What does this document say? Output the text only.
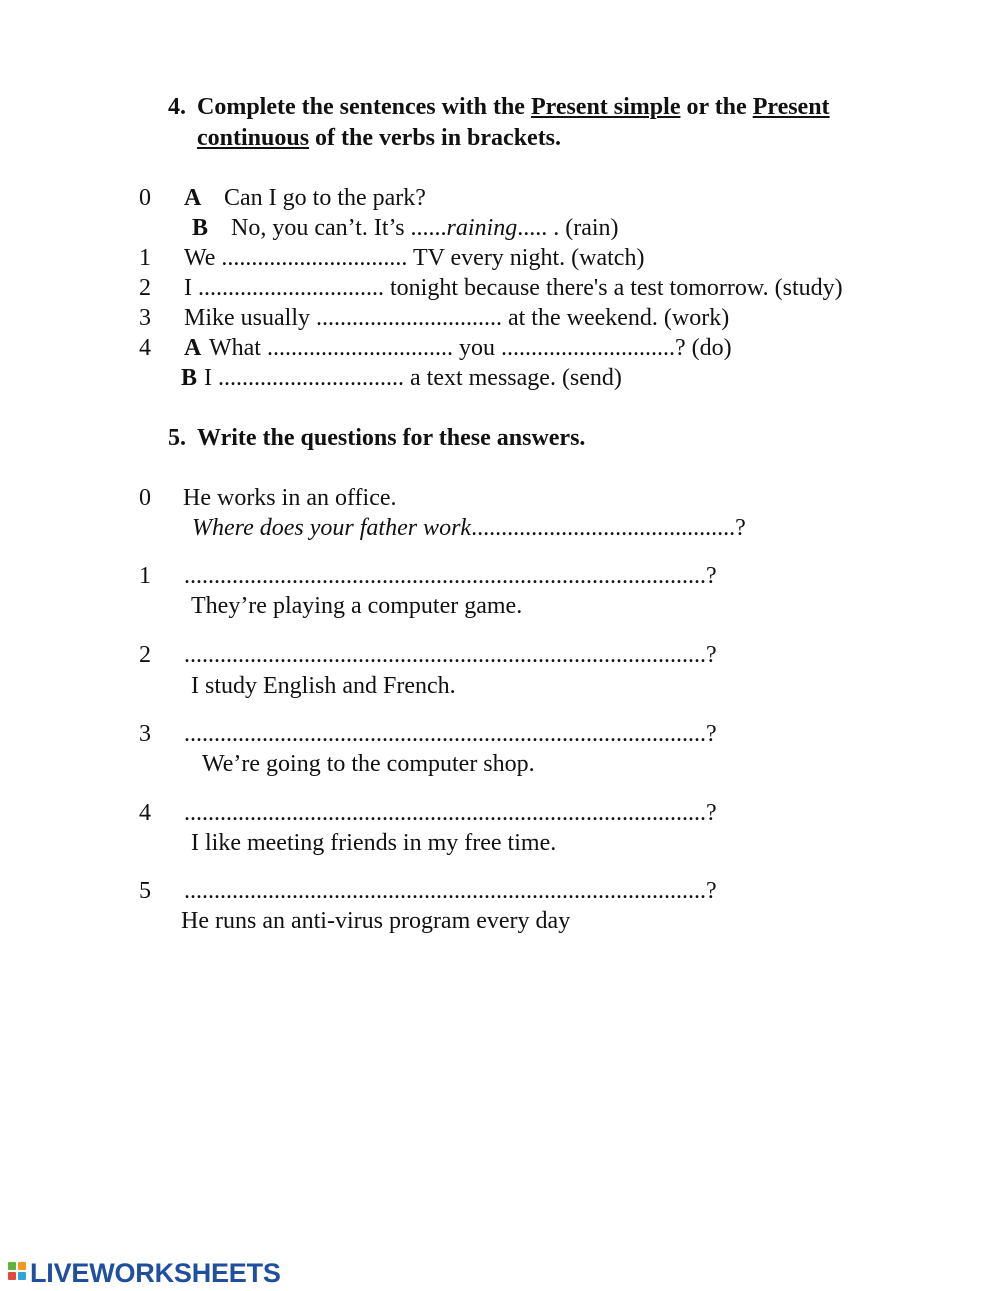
4. Complete the sentences with the Present simple or the Present
continuous of the verbs in brackets.
0 A Can I go to the park?
B No, you can’t. It’s ......raining..... . (rain)
1 We ............................... TV every night. (watch)
2 I ............................... tonight because there's a test tomorrow. (study)
3 Mike usually ............................... at the weekend. (work)
4 A What ............................... you .............................? (do)
B I ............................... a text message. (send)
5. Write the questions for these answers.
0 He works in an office.
Where does your father work............................................?
1 .......................................................................................?
They’re playing a computer game.
2 .......................................................................................?
I study English and French.
3 .......................................................................................?
We’re going to the computer shop.
4 .......................................................................................?
I like meeting friends in my free time.
5 .......................................................................................?
He runs an anti-virus program every day
LIVEWORKSHEETS
